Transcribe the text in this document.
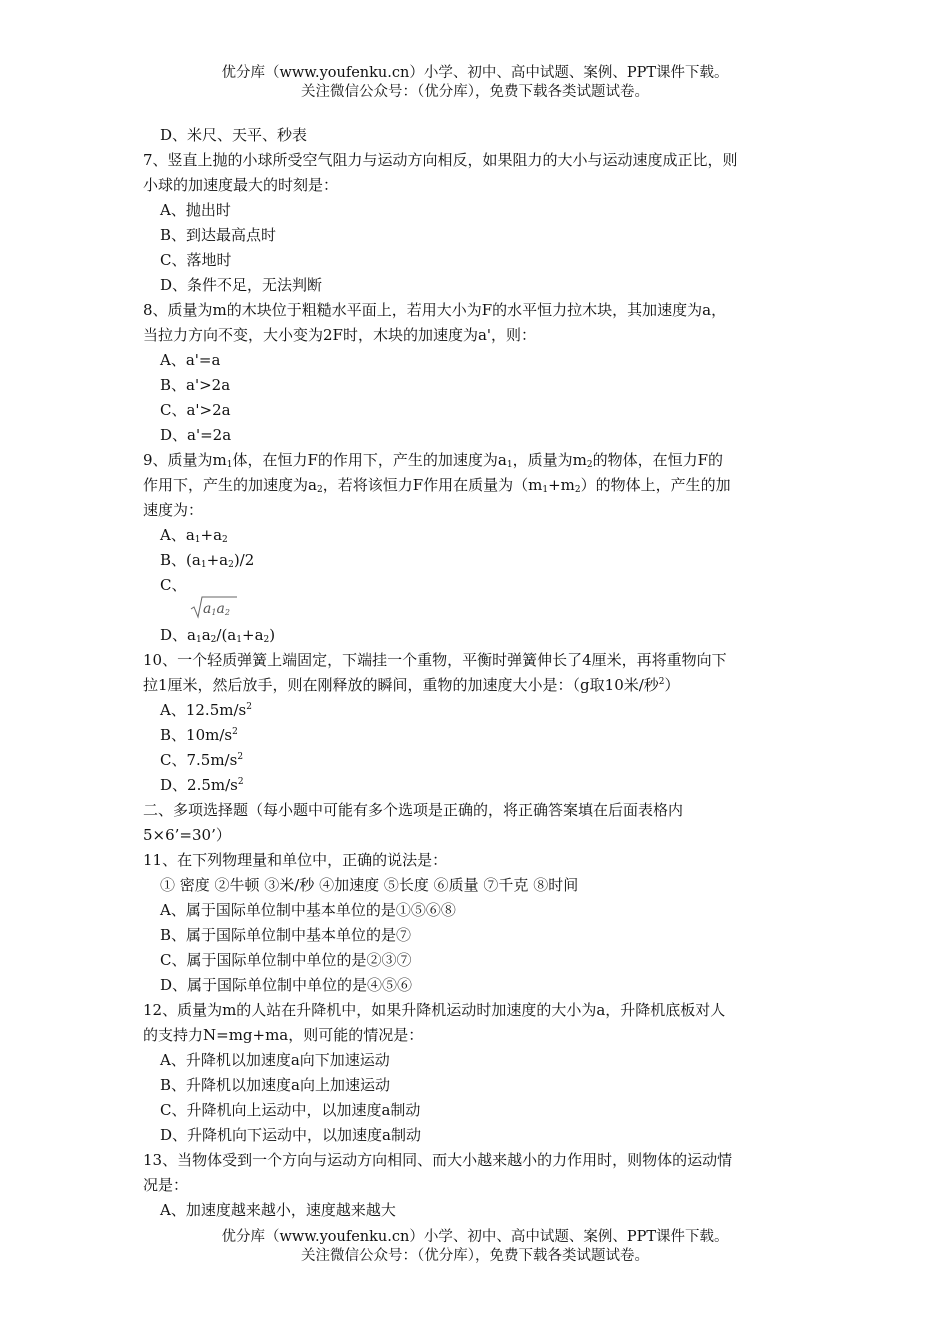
优分库（www.youfenku.cn）小学、初中、高中试题、案例、PPT课件下载。
关注微信公众号：（优分库），免费下载各类试题试卷。
D、米尺、天平、秒表
7、竖直上抛的小球所受空气阻力与运动方向相反，如果阻力的大小与运动速度成正比，则
小球的加速度最大的时刻是：
A、抛出时
B、到达最高点时
C、落地时
D、条件不足，无法判断
8、质量为m的木块位于粗糙水平面上，若用大小为F的水平恒力拉木块，其加速度为a，
当拉力方向不变，大小变为2F时，木块的加速度为a'，则：
A、a'=a
B、a'>2a
C、a'>2a
D、a'=2a
9、质量为$m_1$体，在恒力F的作用下，产生的加速度为$a_1$，质量为$m_2$的物体，在恒力F的
作用下，产生的加速度为$a_2$，若将该恒力F作用在质量为$(m_1+m_2)$的物体上，产生的加
速度为：
A、$a_1+a_2$
B、$(a_1+a_2)/2$
C、
$a_1a_2$
D、$a_1a_2/(a_1+a_2)$
10、一个轻质弹簧上端固定，下端挂一个重物，平衡时弹簧伸长了4厘米，再将重物向下
拉1厘米，然后放手，则在刚释放的瞬间，重物的加速度大小是：（g取10米/秒$^2$）
A、$12.5m/s^2$
B、$10m/s^2$
C、$7.5m/s^2$
D、$2.5m/s^2$
二、多项选择题（每小题中可能有多个选项是正确的，将正确答案填在后面表格内
5×6’=30’）
11、在下列物理量和单位中，正确的说法是：
① 密度 ②牛顿 ③米/秒 ④加速度 ⑤长度 ⑥质量 ⑦千克 ⑧时间
A、属于国际单位制中基本单位的是①⑤⑥⑧
B、属于国际单位制中基本单位的是⑦
C、属于国际单位制中单位的是②③⑦
D、属于国际单位制中单位的是④⑤⑥
12、质量为m的人站在升降机中，如果升降机运动时加速度的大小为a，升降机底板对人
的支持力N=mg+ma，则可能的情况是：
A、升降机以加速度a向下加速运动
B、升降机以加速度a向上加速运动
C、升降机向上运动中，以加速度a制动
D、升降机向下运动中，以加速度a制动
13、当物体受到一个方向与运动方向相同、而大小越来越小的力作用时，则物体的运动情
况是：
A、加速度越来越小，速度越来越大
优分库（www.youfenku.cn）小学、初中、高中试题、案例、PPT课件下载。
关注微信公众号：（优分库），免费下载各类试题试卷。
